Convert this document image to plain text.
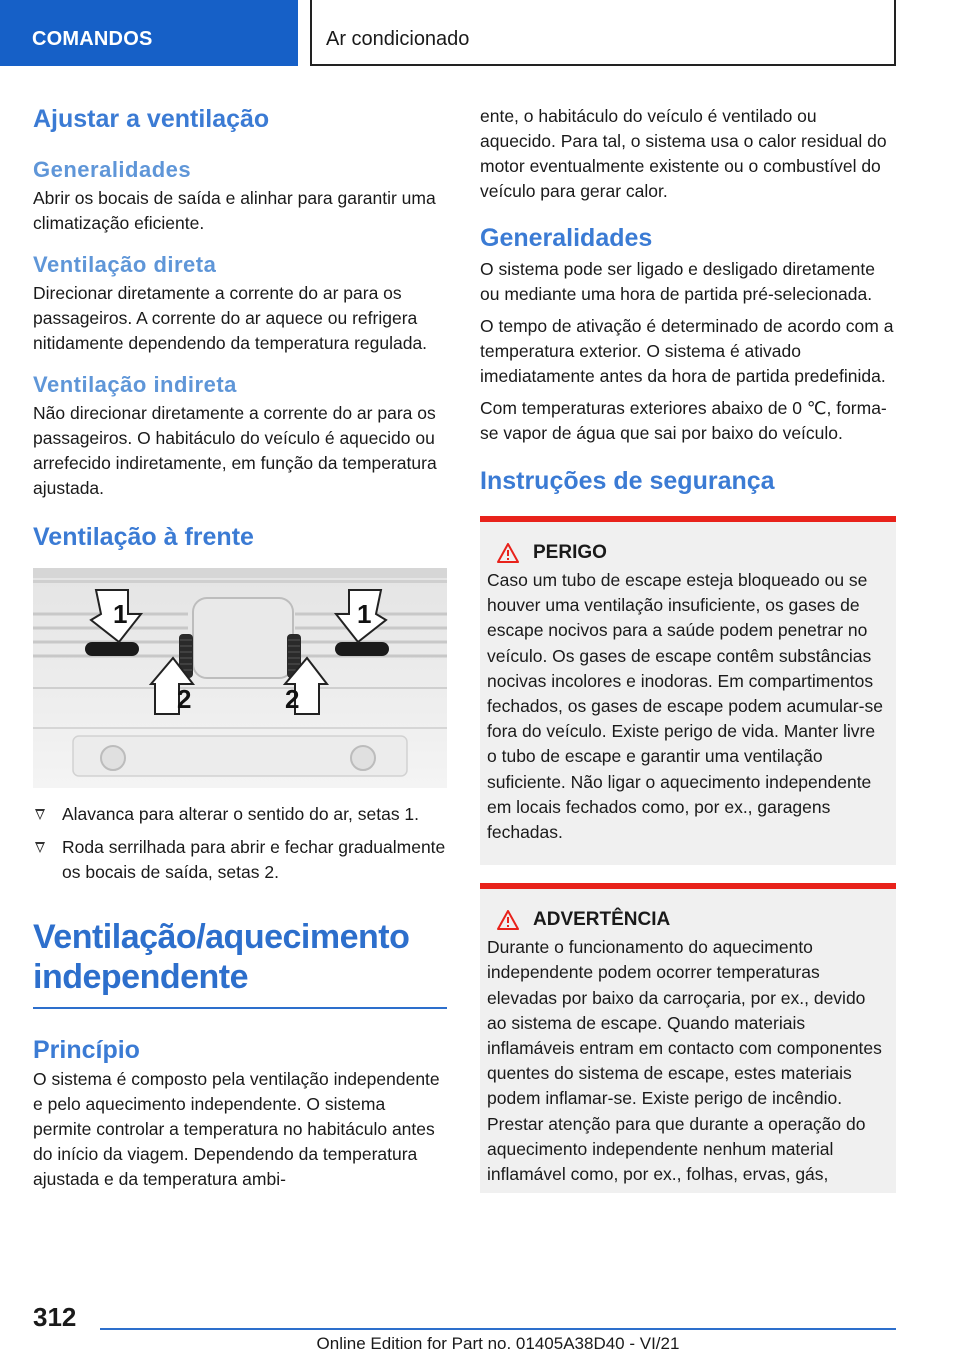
COMANDOS	Ar condicionado
Ajustar a ventilação
Generalidades

Abrir os bocais de saída e alinhar para garantir uma climatização eficiente.

Ventilação direta

Direcionar diretamente a corrente do ar para os passageiros. A corrente do ar aquece ou refrigera nitidamente dependendo da temperatura regulada.

Ventilação indireta

Não direcionar diretamente a corrente do ar para os passageiros. O habitáculo do veículo é aquecido ou arrefecido indiretamente, em função da temperatura ajustada.

Ventilação à frente
1	1
2	2
Alavanca para alterar o sentido do ar, setas 1.
Roda serrilhada para abrir e fechar gradualmente os bocais de saída, setas 2.
Ventilação/aquecimento
independente
Princípio

O sistema é composto pela ventilação independente e pelo aquecimento independente. O sistema permite controlar a temperatura no habitáculo antes do início da viagem. Dependendo da temperatura ajustada e da temperatura ambi-

ente, o habitáculo do veículo é ventilado ou aquecido. Para tal, o sistema usa o calor residual do motor eventualmente existente ou o combustível do veículo para gerar calor.

Generalidades

O sistema pode ser ligado e desligado diretamente ou mediante uma hora de partida pré-selecionada.

O tempo de ativação é determinado de acordo com a temperatura exterior. O sistema é ativado imediatamente antes da hora de partida predefinida.

Com temperaturas exteriores abaixo de 0 ℃, forma-se vapor de água que sai por baixo do veículo.

Instruções de segurança
PERIGO

Caso um tubo de escape esteja bloqueado ou se houver uma ventilação insuficiente, os gases de escape nocivos para a saúde podem penetrar no veículo. Os gases de escape contêm substâncias nocivas incolores e inodoras. Em compartimentos fechados, os gases de escape podem acumular-se fora do veículo. Existe perigo de vida. Manter livre o tubo de escape e garantir uma ventilação suficiente. Não ligar o aquecimento independente em locais fechados como, por ex., garagens fechadas.

ADVERTÊNCIA

Durante o funcionamento do aquecimento independente podem ocorrer temperaturas elevadas por baixo da carroçaria, por ex., devido ao sistema de escape. Quando materiais inflamáveis entram em contacto com componentes quentes do sistema de escape, estes materiais podem inflamar-se. Existe perigo de incêndio. Prestar atenção para que durante a operação do aquecimento independente nenhum material inflamável como, por ex., folhas, ervas, gás,

312
Online Edition for Part no. 01405A38D40 - VI/21
